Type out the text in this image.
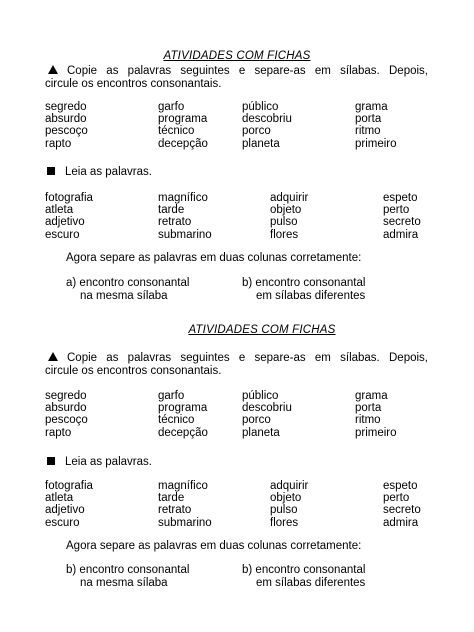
ATIVIDADES COM FICHAS
Copie as palavras seguintes e separe-as em sílabas. Depois,
circule os encontros consonantais.
segredo	garfo	público	grama
absurdo	programa	descobriu	porta
pescoço	técnico	porco	ritmo
rapto	decepção	planeta	primeiro
Leia as palavras.
fotografia	magnífico	adquirir	espeto
atleta	tarde	objeto	perto
adjetivo	retrato	pulso	secreto
escuro	submarino	flores	admira
Agora separe as palavras em duas colunas corretamente:
a) encontro consonantal
na mesma sílaba
b) encontro consonantal
em sílabas diferentes
ATIVIDADES COM FICHAS
Copie as palavras seguintes e separe-as em sílabas. Depois,
circule os encontros consonantais.
segredo	garfo	público	grama
absurdo	programa	descobriu	porta
pescoço	técnico	porco	ritmo
rapto	decepção	planeta	primeiro
Leia as palavras.
fotografia	magnífico	adquirir	espeto
atleta	tarde	objeto	perto
adjetivo	retrato	pulso	secreto
escuro	submarino	flores	admira
Agora separe as palavras em duas colunas corretamente:
b) encontro consonantal
na mesma sílaba
b) encontro consonantal
em sílabas diferentes
